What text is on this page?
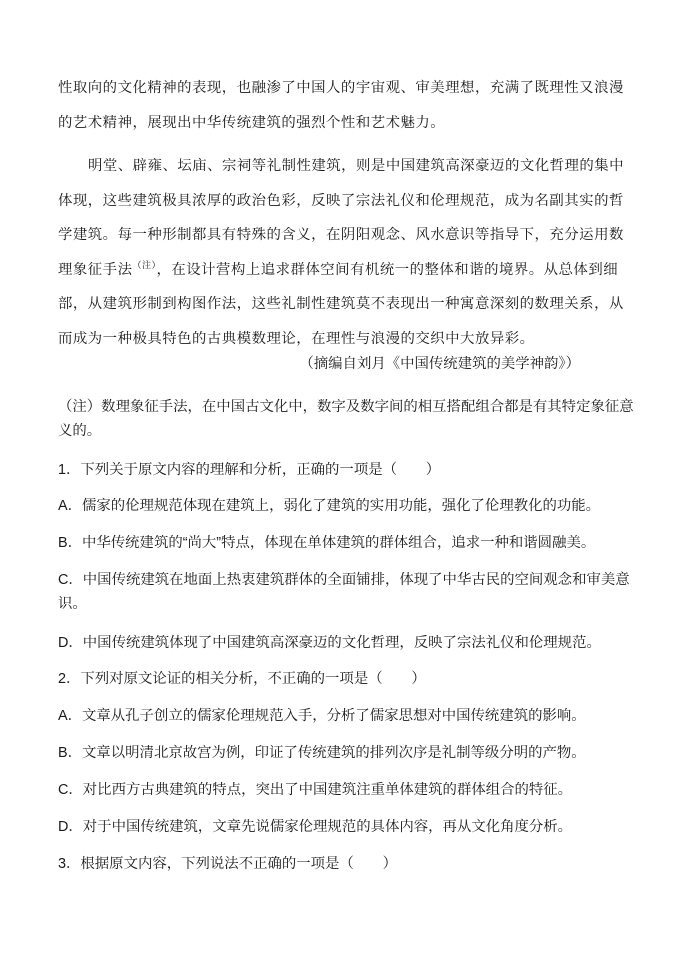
性取向的文化精神的表现，也融渗了中国人的宇宙观、审美理想，充满了既理性又浪漫的艺术精神，展现出中华传统建筑的强烈个性和艺术魅力。

明堂、辟雍、坛庙、宗祠等礼制性建筑，则是中国建筑高深豪迈的文化哲理的集中体现，这些建筑极具浓厚的政治色彩，反映了宗法礼仪和伦理规范，成为名副其实的哲学建筑。每一种形制都具有特殊的含义，在阴阳观念、风水意识等指导下，充分运用数理象征手法$^{(注)}$，在设计营构上追求群体空间有机统一的整体和谐的境界。从总体到细部，从建筑形制到构图作法，这些礼制性建筑莫不表现出一种寓意深刻的数理关系，从而成为一种极具特色的古典模数理论，在理性与浪漫的交织中大放异彩。

（摘编自刘月《中国传统建筑的美学神韵》）

（注）数理象征手法，在中国古文化中，数字及数字间的相互搭配组合都是有其特定象征意义的。

1．下列关于原文内容的理解和分析，正确的一项是（　　）

A．儒家的伦理规范体现在建筑上，弱化了建筑的实用功能，强化了伦理教化的功能。

B．中华传统建筑的“尚大”特点，体现在单体建筑的群体组合，追求一种和谐圆融美。

C．中国传统建筑在地面上热衷建筑群体的全面铺排，体现了中华古民的空间观念和审美意识。

D．中国传统建筑体现了中国建筑高深豪迈的文化哲理，反映了宗法礼仪和伦理规范。

2．下列对原文论证的相关分析，不正确的一项是（　　）

A．文章从孔子创立的儒家伦理规范入手，分析了儒家思想对中国传统建筑的影响。

B．文章以明清北京故宫为例，印证了传统建筑的排列次序是礼制等级分明的产物。

C．对比西方古典建筑的特点，突出了中国建筑注重单体建筑的群体组合的特征。

D．对于中国传统建筑，文章先说儒家伦理规范的具体内容，再从文化角度分析。

3．根据原文内容，下列说法不正确的一项是（　　）
